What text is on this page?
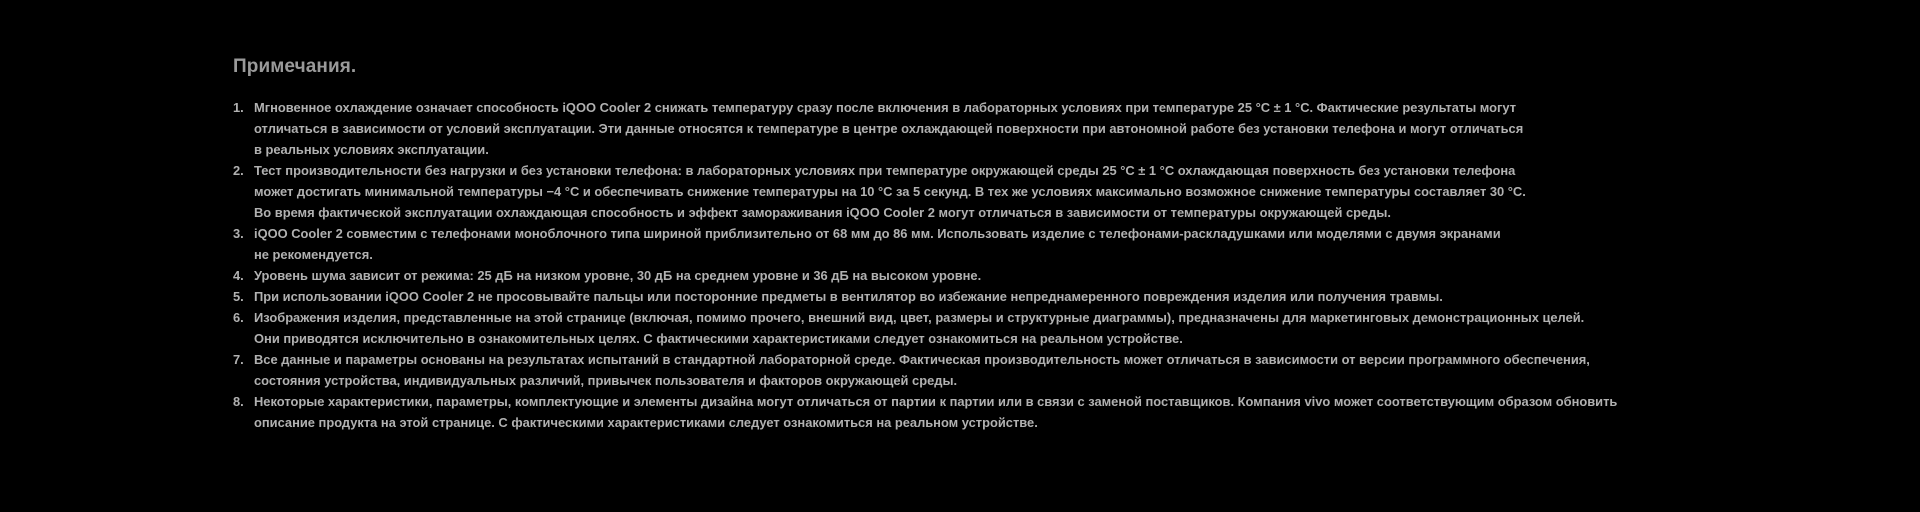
Примечания.
Мгновенное охлаждение означает способность iQOO Cooler 2 снижать температуру сразу после включения в лабораторных условиях при температуре 25 °C ± 1 °C. Фактические результаты могут
отличаться в зависимости от условий эксплуатации. Эти данные относятся к температуре в центре охлаждающей поверхности при автономной работе без установки телефона и могут отличаться
в реальных условиях эксплуатации.
Тест производительности без нагрузки и без установки телефона: в лабораторных условиях при температуре окружающей среды 25 °C ± 1 °C охлаждающая поверхность без установки телефона
может достигать минимальной температуры −4 °C и обеспечивать снижение температуры на 10 °C за 5 секунд. В тех же условиях максимально возможное снижение температуры составляет 30 °C.
Во время фактической эксплуатации охлаждающая способность и эффект замораживания iQOO Cooler 2 могут отличаться в зависимости от температуры окружающей среды.
iQOO Cooler 2 совместим с телефонами моноблочного типа шириной приблизительно от 68 мм до 86 мм. Использовать изделие с телефонами-раскладушками или моделями с двумя экранами
не рекомендуется.
Уровень шума зависит от режима: 25 дБ на низком уровне, 30 дБ на среднем уровне и 36 дБ на высоком уровне.
При использовании iQOO Cooler 2 не просовывайте пальцы или посторонние предметы в вентилятор во избежание непреднамеренного повреждения изделия или получения травмы.
Изображения изделия, представленные на этой странице (включая, помимо прочего, внешний вид, цвет, размеры и структурные диаграммы), предназначены для маркетинговых демонстрационных целей.
Они приводятся исключительно в ознакомительных целях. С фактическими характеристиками следует ознакомиться на реальном устройстве.
Все данные и параметры основаны на результатах испытаний в стандартной лабораторной среде. Фактическая производительность может отличаться в зависимости от версии программного обеспечения,
состояния устройства, индивидуальных различий, привычек пользователя и факторов окружающей среды.
Некоторые характеристики, параметры, комплектующие и элементы дизайна могут отличаться от партии к партии или в связи с заменой поставщиков. Компания vivo может соответствующим образом обновить
описание продукта на этой странице. С фактическими характеристиками следует ознакомиться на реальном устройстве.
